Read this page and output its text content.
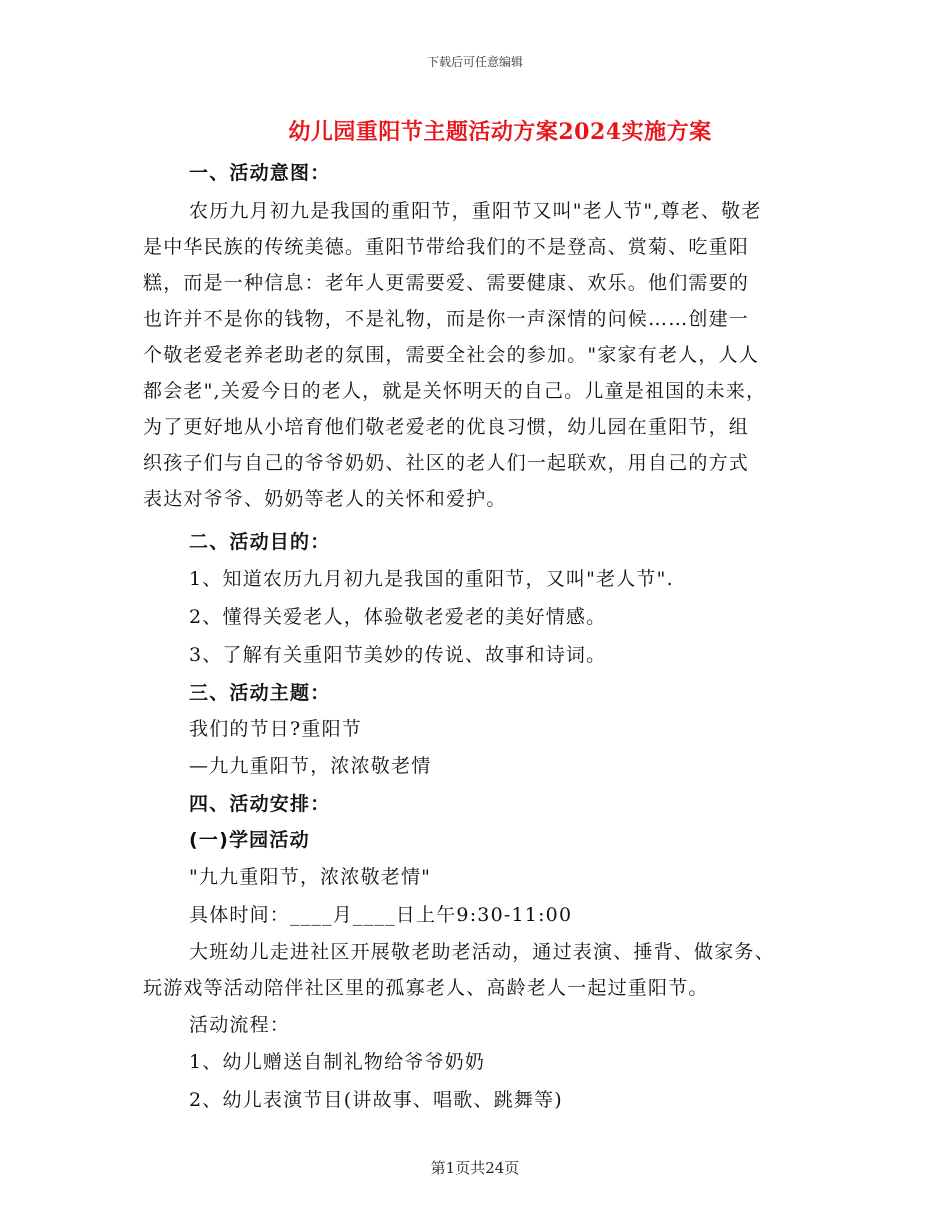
下载后可任意编辑
幼儿园重阳节主题活动方案2024实施方案
一、活动意图：
农历九月初九是我国的重阳节，重阳节又叫"老人节",尊老、敬老
是中华民族的传统美德。重阳节带给我们的不是登高、赏菊、吃重阳
糕，而是一种信息：老年人更需要爱、需要健康、欢乐。他们需要的
也许并不是你的钱物，不是礼物，而是你一声深情的问候……创建一
个敬老爱老养老助老的氛围，需要全社会的参加。"家家有老人，人人
都会老",关爱今日的老人，就是关怀明天的自己。儿童是祖国的未来，
为了更好地从小培育他们敬老爱老的优良习惯，幼儿园在重阳节，组
织孩子们与自己的爷爷奶奶、社区的老人们一起联欢，用自己的方式
表达对爷爷、奶奶等老人的关怀和爱护。
二、活动目的：
1、知道农历九月初九是我国的重阳节，又叫"老人节".
2、懂得关爱老人，体验敬老爱老的美好情感。
3、了解有关重阳节美妙的传说、故事和诗词。
三、活动主题：
我们的节日?重阳节
—九九重阳节，浓浓敬老情
四、活动安排：
(一)学园活动
"九九重阳节，浓浓敬老情"
具体时间：____月____日上午9:30-11:00
大班幼儿走进社区开展敬老助老活动，通过表演、捶背、做家务、
玩游戏等活动陪伴社区里的孤寡老人、高龄老人一起过重阳节。
活动流程：
1、幼儿赠送自制礼物给爷爷奶奶
2、幼儿表演节目(讲故事、唱歌、跳舞等)
第1页共24页
